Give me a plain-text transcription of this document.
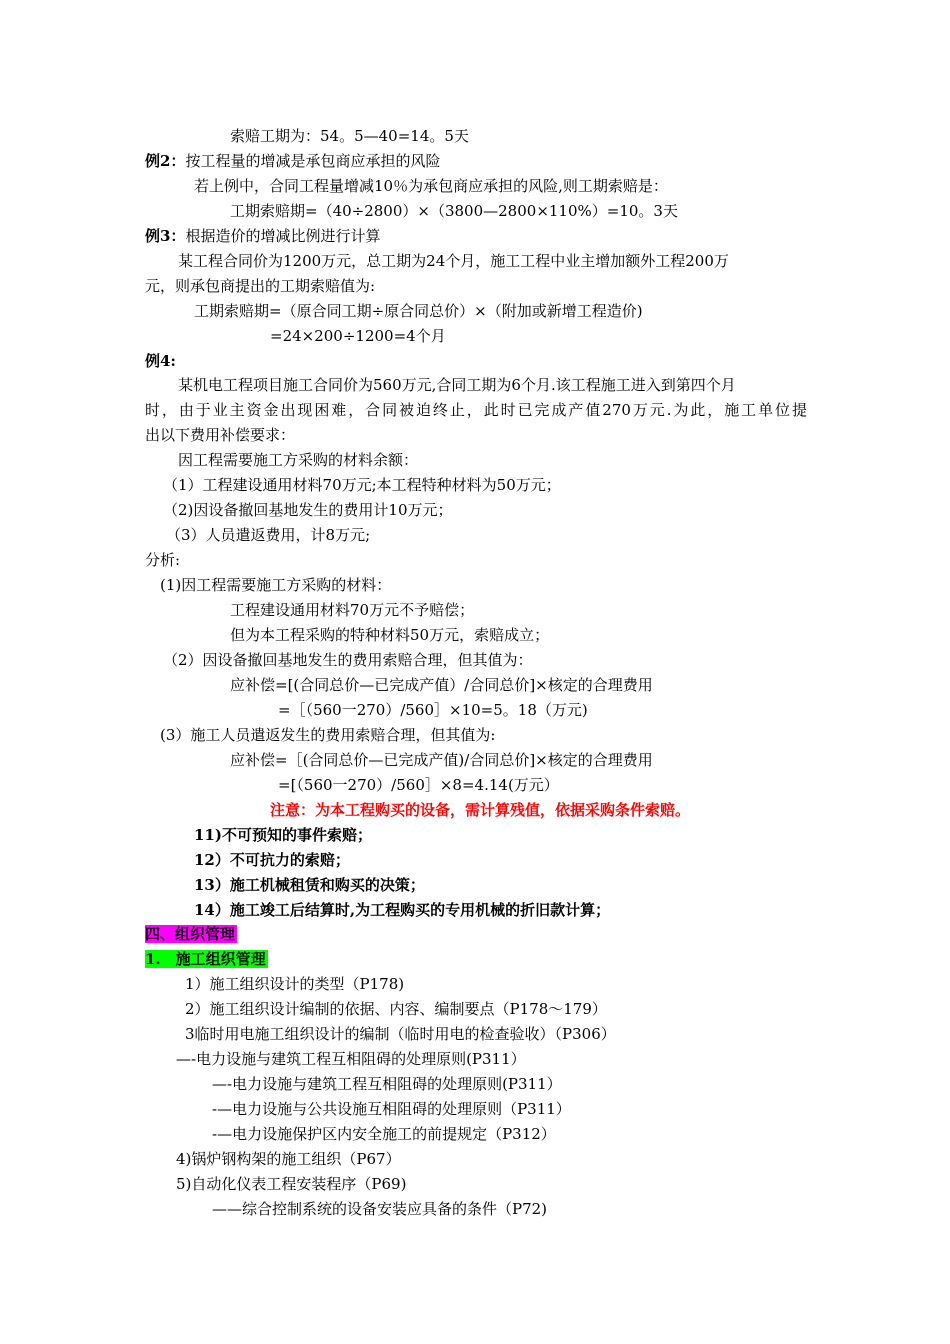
索赔工期为：54。5—40=14。5天
例2：按工程量的增减是承包商应承担的风险
若上例中，合同工程量增减10％为承包商应承担的风险,则工期索赔是：
工期索赔期=（40÷2800）×（3800—2800×110%）=10。3天
例3：根据造价的增减比例进行计算
某工程合同价为1200万元，总工期为24个月，施工工程中业主增加额外工程200万
元，则承包商提出的工期索赔值为:
工期索赔期=（原合同工期÷原合同总价）×（附加或新增工程造价)
=24×200÷1200=4个月
例4:
某机电工程项目施工合同价为560万元,合同工期为6个月.该工程施工进入到第四个月
时，由于业主资金出现困难，合同被迫终止，此时已完成产值270万元.为此，施工单位提
出以下费用补偿要求：
因工程需要施工方采购的材料余额：
（1）工程建设通用材料70万元;本工程特种材料为50万元；
（2)因设备撤回基地发生的费用计10万元；
（3）人员遣返费用，计8万元;
分析:
(1)因工程需要施工方采购的材料：
工程建设通用材料70万元不予赔偿；
但为本工程采购的特种材料50万元，索赔成立；
（2）因设备撤回基地发生的费用索赔合理，但其值为：
应补偿=[(合同总价—已完成产值）/合同总价]×核定的合理费用
=［（560一270）/560］×10=5。18（万元)
(3）施工人员遣返发生的费用索赔合理，但其值为:
应补偿=［(合同总价—已完成产值)/合同总价]×核定的合理费用
=[（560一270）/560］×8=4.14(万元）
注意：为本工程购买的设备，需计算残值，依据采购条件索赔。
11)不可预知的事件索赔；
12）不可抗力的索赔；
13）施工机械租赁和购买的决策；
14）施工竣工后结算时,为工程购买的专用机械的折旧款计算；
四、组织管理
1.　施工组织管理
1）施工组织设计的类型（P178)
2）施工组织设计编制的依据、内容、编制要点（P178～179）
3临时用电施工组织设计的编制（临时用电的检查验收）（P306）
—-电力设施与建筑工程互相阻碍的处理原则(P311）
—-电力设施与建筑工程互相阻碍的处理原则(P311）
-—电力设施与公共设施互相阻碍的处理原则（P311）
-—电力设施保护区内安全施工的前提规定（P312）
4)锅炉钢构架的施工组织（P67）
5)自动化仪表工程安装程序（P69)
——综合控制系统的设备安装应具备的条件（P72)
